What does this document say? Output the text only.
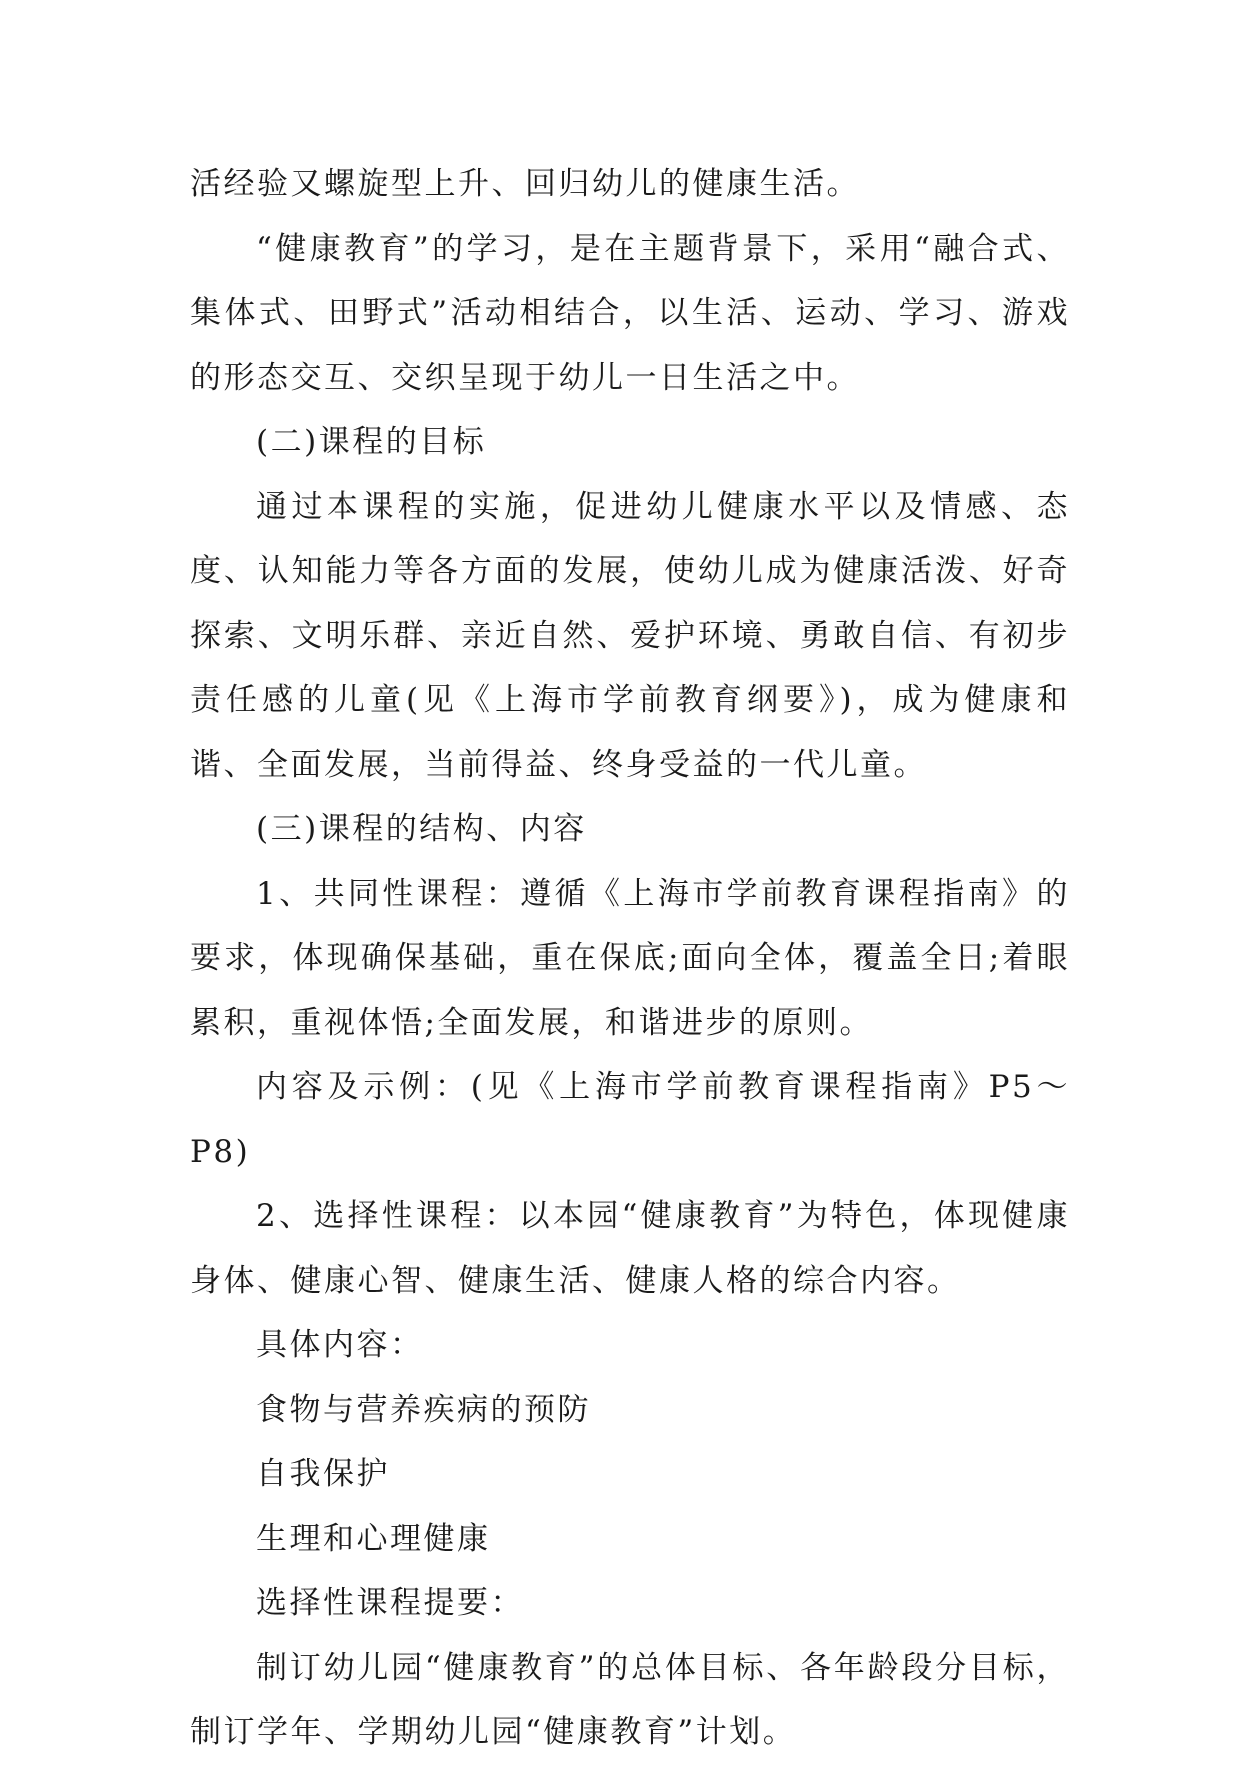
活经验又螺旋型上升、回归幼儿的健康生活。

“健康教育”的学习，是在主题背景下，采用“融合式、集体式、田野式”活动相结合，以生活、运动、学习、游戏的形态交互、交织呈现于幼儿一日生活之中。

(二)课程的目标

通过本课程的实施，促进幼儿健康水平以及情感、态度、认知能力等各方面的发展，使幼儿成为健康活泼、好奇探索、文明乐群、亲近自然、爱护环境、勇敢自信、有初步责任感的儿童(见《上海市学前教育纲要》)，成为健康和谐、全面发展，当前得益、终身受益的一代儿童。

(三)课程的结构、内容

1、共同性课程：遵循《上海市学前教育课程指南》的要求，体现确保基础，重在保底;面向全体，覆盖全日;着眼累积，重视体悟;全面发展，和谐进步的原则。

内容及示例：(见《上海市学前教育课程指南》P5～P8)

2、选择性课程：以本园“健康教育”为特色，体现健康身体、健康心智、健康生活、健康人格的综合内容。

具体内容：

食物与营养疾病的预防

自我保护

生理和心理健康

选择性课程提要：

制订幼儿园“健康教育”的总体目标、各年龄段分目标，制订学年、学期幼儿园“健康教育”计划。
